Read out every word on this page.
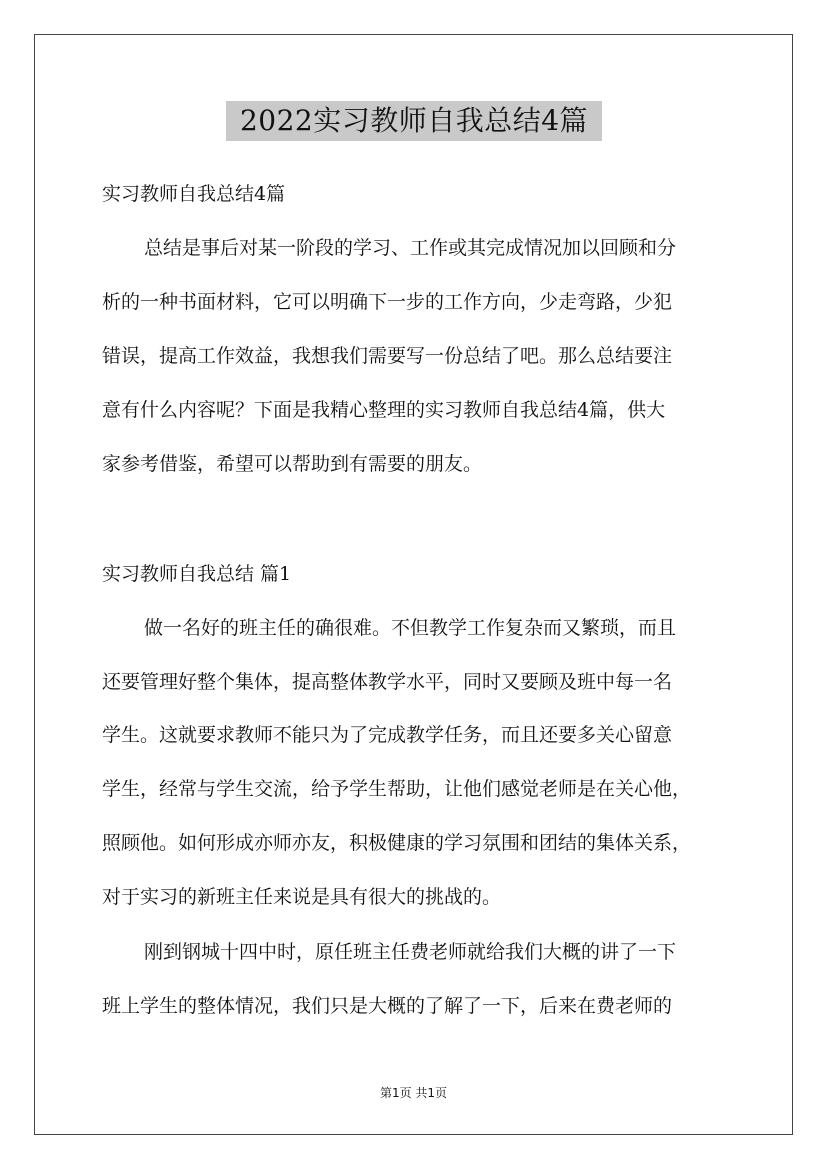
2022实习教师自我总结4篇
实习教师自我总结4篇
总结是事后对某一阶段的学习、工作或其完成情况加以回顾和分
析的一种书面材料，它可以明确下一步的工作方向，少走弯路，少犯
错误，提高工作效益，我想我们需要写一份总结了吧。那么总结要注
意有什么内容呢？下面是我精心整理的实习教师自我总结4篇，供大
家参考借鉴，希望可以帮助到有需要的朋友。
实习教师自我总结 篇1
做一名好的班主任的确很难。不但教学工作复杂而又繁琐，而且
还要管理好整个集体，提高整体教学水平，同时又要顾及班中每一名
学生。这就要求教师不能只为了完成教学任务，而且还要多关心留意
学生，经常与学生交流，给予学生帮助，让他们感觉老师是在关心他，
照顾他。如何形成亦师亦友，积极健康的学习氛围和团结的集体关系，
对于实习的新班主任来说是具有很大的挑战的。
刚到钢城十四中时，原任班主任费老师就给我们大概的讲了一下
班上学生的整体情况，我们只是大概的了解了一下，后来在费老师的
第1页 共1页
